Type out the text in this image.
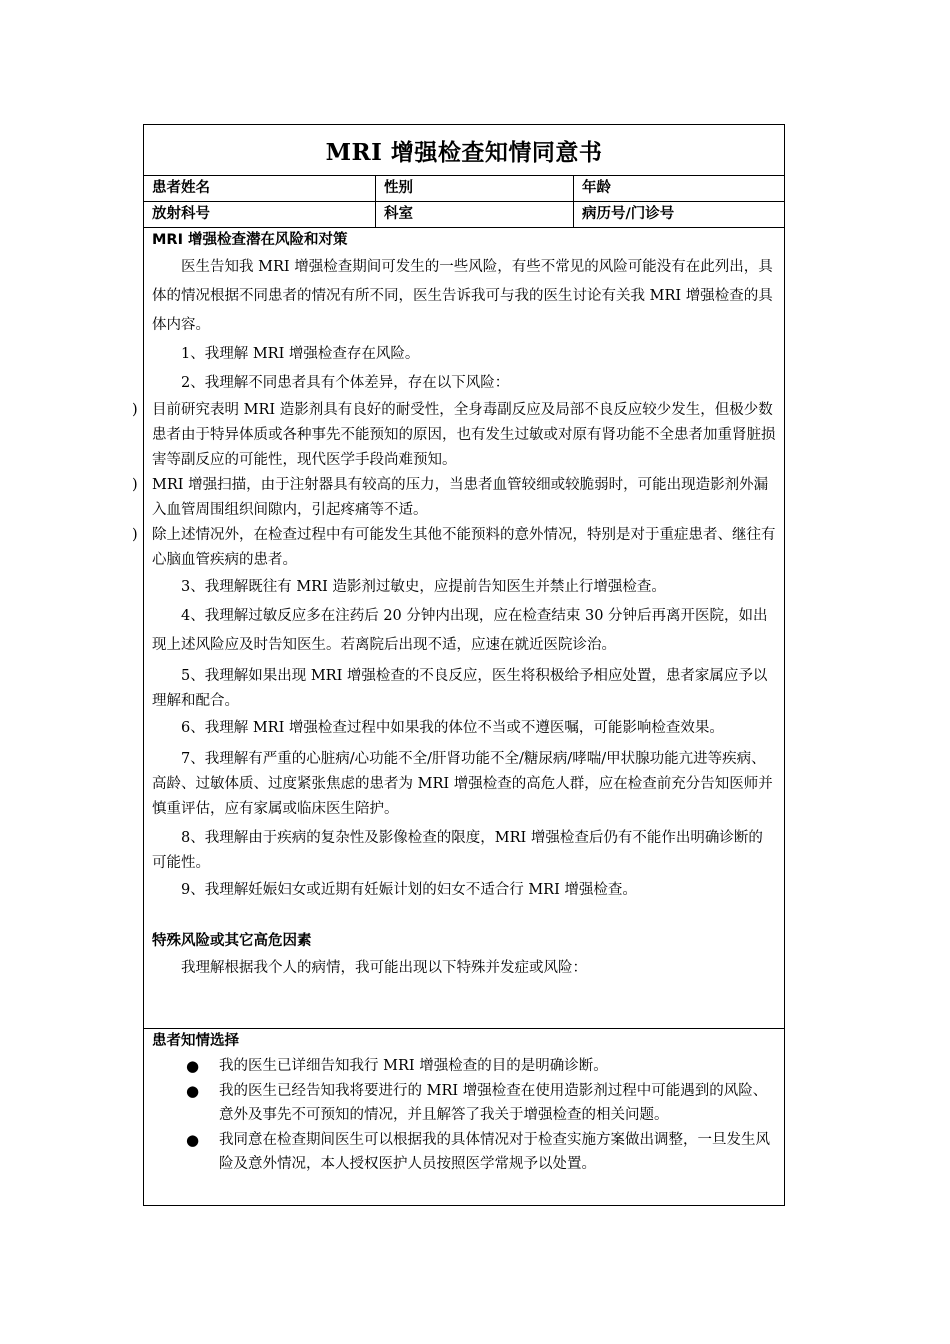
MRI 增强检查知情同意书
患者姓名	性别	年龄
放射科号	科室	病历号/门诊号
MRI 增强检查潜在风险和对策

医生告知我 MRI 增强检查期间可发生的一些风险，有些不常见的风险可能没有在此列出，具体的情况根据不同患者的情况有所不同，医生告诉我可与我的医生讨论有关我 MRI 增强检查的具体内容。

1、我理解 MRI 增强检查存在风险。

2、我理解不同患者具有个体差异，存在以下风险：

) 目前研究表明 MRI 造影剂具有良好的耐受性，全身毒副反应及局部不良反应较少发生，但极少数患者由于特异体质或各种事先不能预知的原因，也有发生过敏或对原有肾功能不全患者加重肾脏损害等副反应的可能性，现代医学手段尚难预知。

) MRI 增强扫描，由于注射器具有较高的压力，当患者血管较细或较脆弱时，可能出现造影剂外漏入血管周围组织间隙内，引起疼痛等不适。

) 除上述情况外，在检查过程中有可能发生其他不能预料的意外情况，特别是对于重症患者、继往有心脑血管疾病的患者。

3、我理解既往有 MRI 造影剂过敏史，应提前告知医生并禁止行增强检查。

4、我理解过敏反应多在注药后 20 分钟内出现，应在检查结束 30 分钟后再离开医院，如出现上述风险应及时告知医生。若离院后出现不适，应速在就近医院诊治。

5、我理解如果出现 MRI 增强检查的不良反应，医生将积极给予相应处置，患者家属应予以理解和配合。

6、我理解 MRI 增强检查过程中如果我的体位不当或不遵医嘱，可能影响检查效果。

7、我理解有严重的心脏病/心功能不全/肝肾功能不全/糖尿病/哮喘/甲状腺功能亢进等疾病、高龄、过敏体质、过度紧张焦虑的患者为 MRI 增强检查的高危人群，应在检查前充分告知医师并慎重评估，应有家属或临床医生陪护。

8、我理解由于疾病的复杂性及影像检查的限度，MRI 增强检查后仍有不能作出明确诊断的可能性。

9、我理解妊娠妇女或近期有妊娠计划的妇女不适合行 MRI 增强检查。

特殊风险或其它高危因素

我理解根据我个人的病情，我可能出现以下特殊并发症或风险：

患者知情选择

● 我的医生已详细告知我行 MRI 增强检查的目的是明确诊断。

● 我的医生已经告知我将要进行的 MRI 增强检查在使用造影剂过程中可能遇到的风险、意外及事先不可预知的情况，并且解答了我关于增强检查的相关问题。

● 我同意在检查期间医生可以根据我的具体情况对于检查实施方案做出调整，一旦发生风险及意外情况，本人授权医护人员按照医学常规予以处置。
